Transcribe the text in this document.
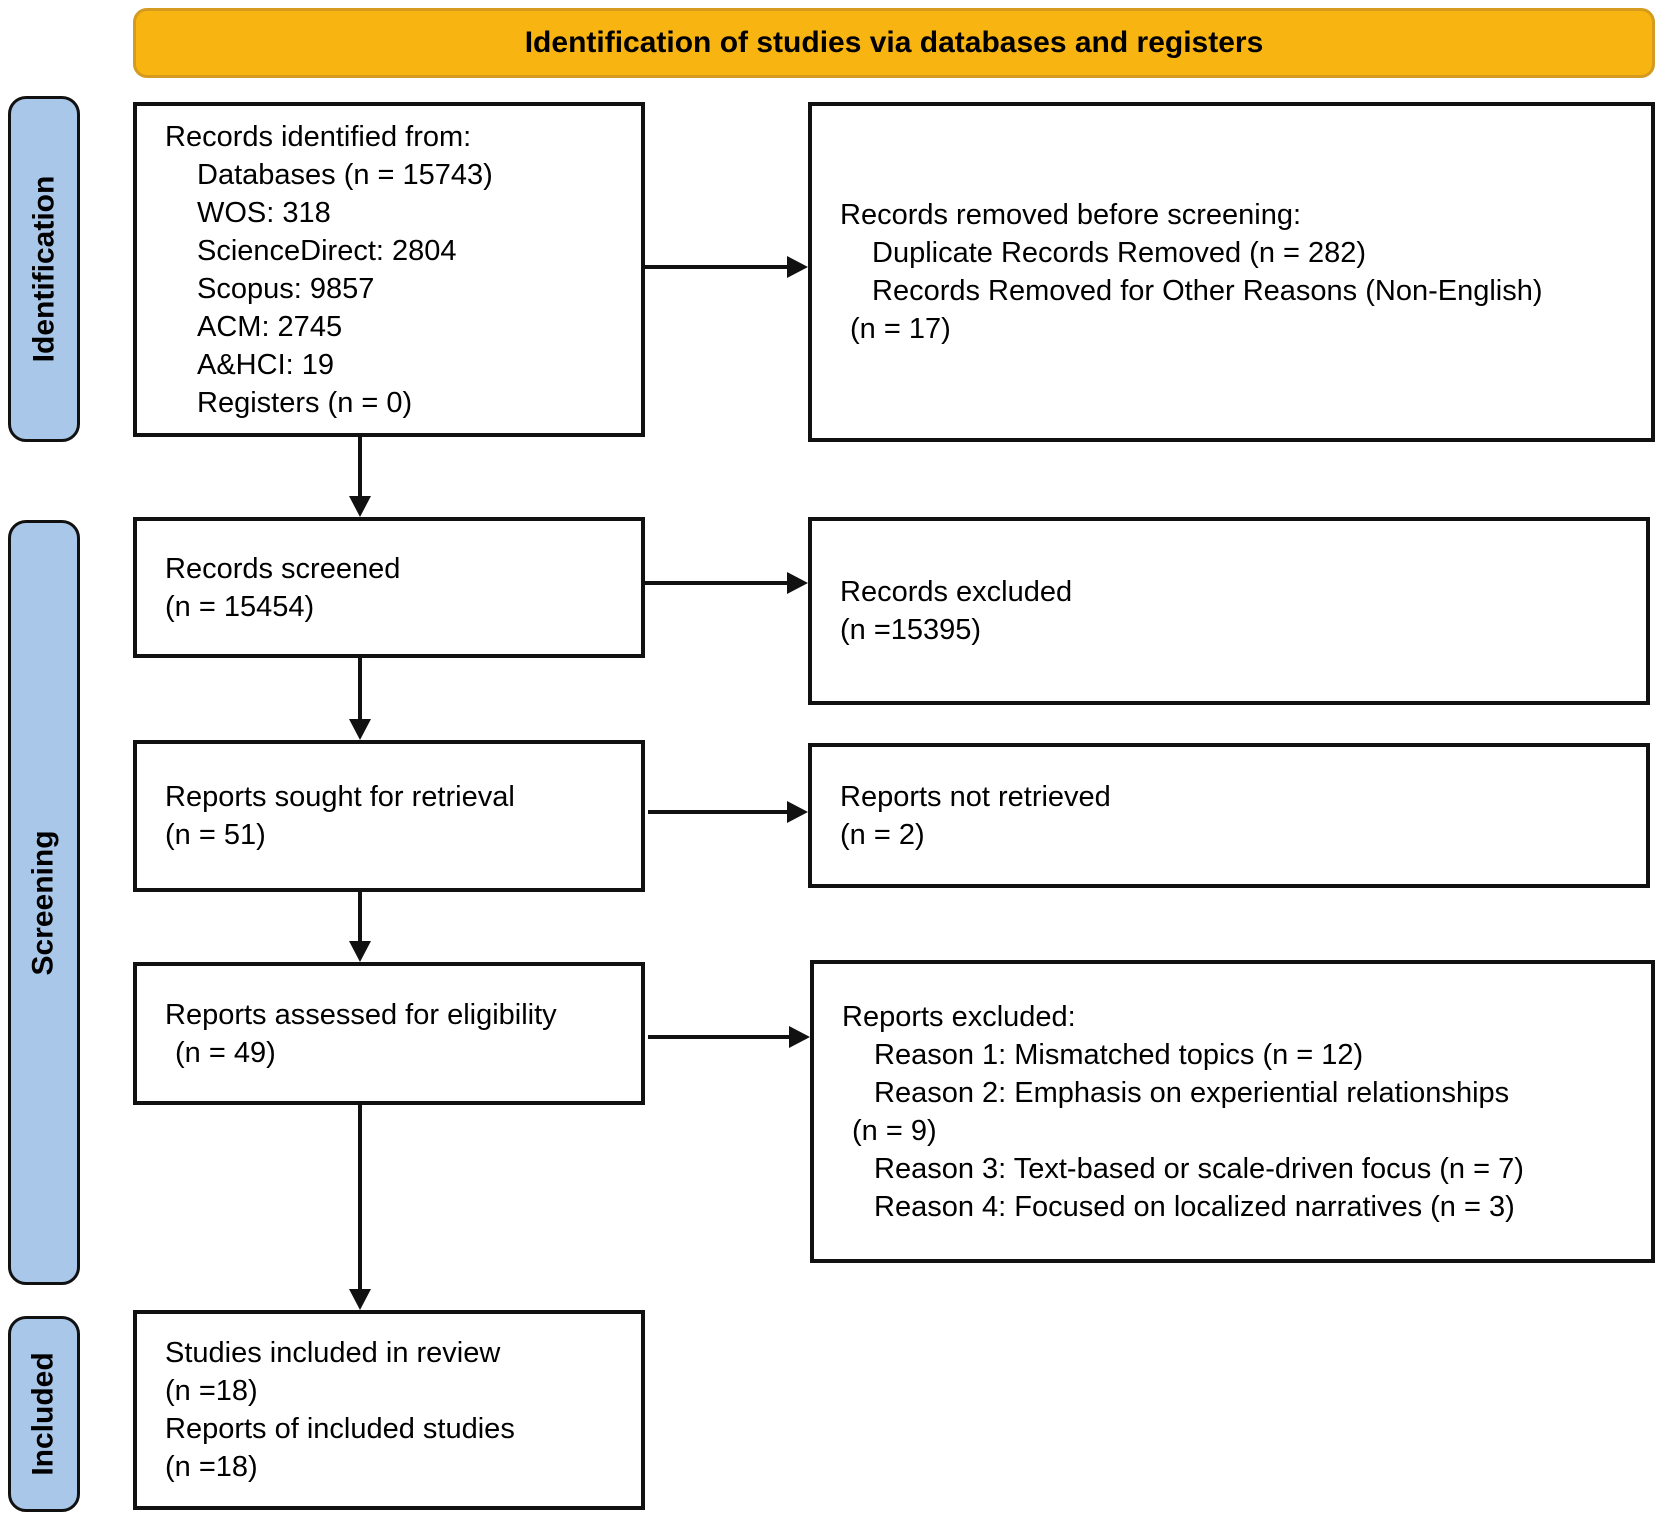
Identification of studies via databases and registers
Identification
Screening
Included
Records identified from:
Databases (n = 15743)
WOS: 318
ScienceDirect: 2804
Scopus: 9857
ACM: 2745
A&HCI: 19
Registers (n = 0)
Records removed before screening:
Duplicate Records Removed (n = 282)
Records Removed for Other Reasons (Non-English)
(n = 17)
Records screened
(n = 15454)	Records excluded
(n =15395)
Reports sought for retrieval
(n = 51)
Reports not retrieved
(n = 2)
Reports assessed for eligibility
(n = 49)
Reports excluded:
Reason 1: Mismatched topics (n = 12)
Reason 2: Emphasis on experiential relationships
(n = 9)
Reason 3: Text-based or scale-driven focus (n = 7)
Reason 4: Focused on localized narratives (n = 3)
Studies included in review
(n =18)
Reports of included studies
(n =18)
